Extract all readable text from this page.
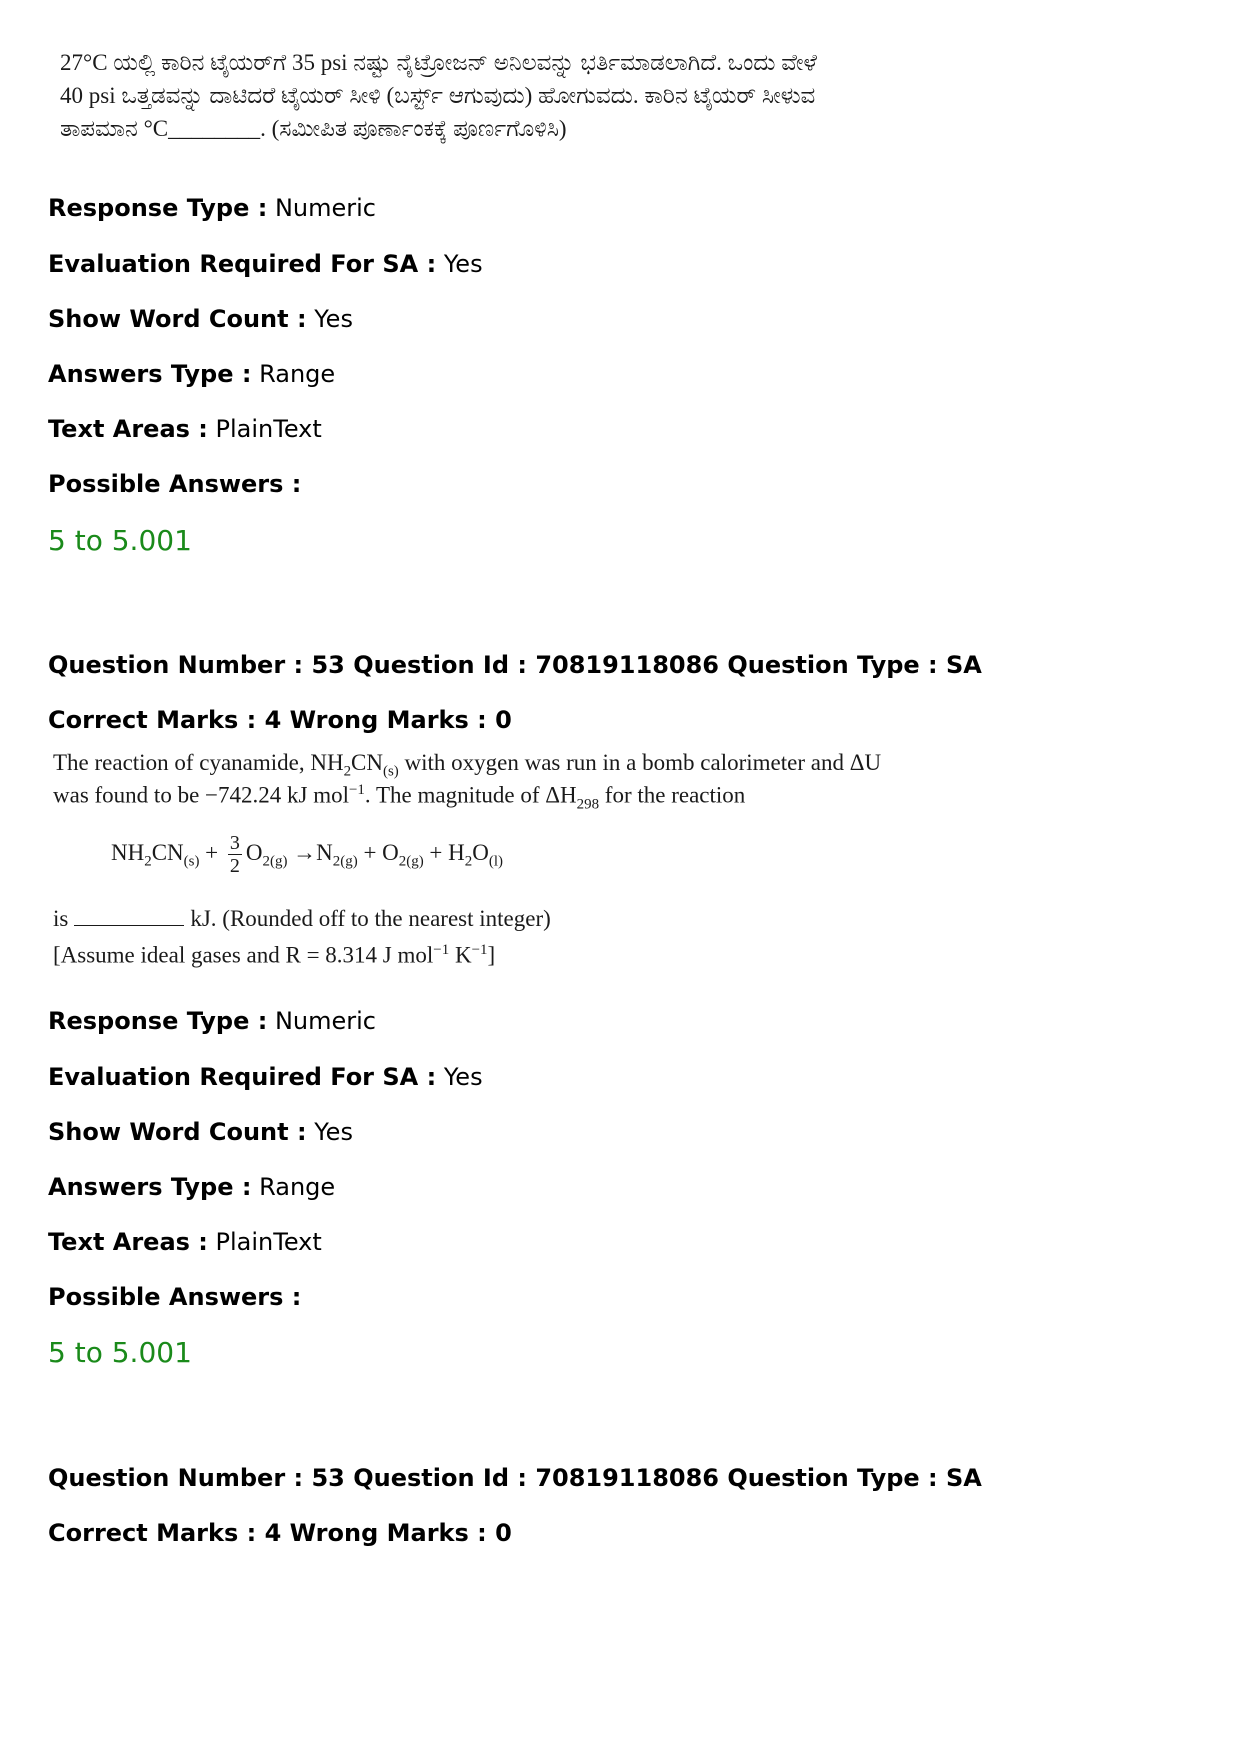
27°C ಯಲ್ಲಿ ಕಾರಿನ ಟೈಯರ್‌ಗೆ 35 psi ನಷ್ಟು ನೈಟ್ರೋಜನ್ ಅನಿಲವನ್ನು ಭರ್ತಿಮಾಡಲಾಗಿದೆ. ಒಂದು ವೇಳೆ
40 psi ಒತ್ತಡವನ್ನು ದಾಟಿದರೆ ಟೈಯರ್ ಸೀಳಿ (ಬರ್ಸ್ಟ್ ಆಗುವುದು) ಹೋಗುವದು. ಕಾರಿನ ಟೈಯರ್ ಸೀಳುವ
ತಾಪಮಾನ °C________. (ಸಮೀಪಿತ ಪೂರ್ಣಾಂಕಕ್ಕೆ ಪೂರ್ಣಗೊಳಿಸಿ)
Response Type : Numeric
Evaluation Required For SA : Yes
Show Word Count : Yes
Answers Type : Range
Text Areas : PlainText
Possible Answers :
5 to 5.001
Question Number : 53 Question Id : 70819118086 Question Type : SA
Correct Marks : 4 Wrong Marks : 0
The reaction of cyanamide, $NH_2CN_{(s)}$ with oxygen was run in a bomb calorimeter and ΔU
was found to be −742.24 kJ mol$^{-1}$. The magnitude of $\Delta H_{298}$ for the reaction
$NH_2CN_{(s)} + \frac{3}{2} O_{2(g)} \to N_{2(g)} + O_{2(g)} + H_2O_{(l)}$
is	kJ. (Rounded off to the nearest integer)
[Assume ideal gases and R = 8.314 J mol$^{-1}$ $K^{-1}$]
Response Type : Numeric
Evaluation Required For SA : Yes
Show Word Count : Yes
Answers Type : Range
Text Areas : PlainText
Possible Answers :
5 to 5.001
Question Number : 53 Question Id : 70819118086 Question Type : SA
Correct Marks : 4 Wrong Marks : 0
